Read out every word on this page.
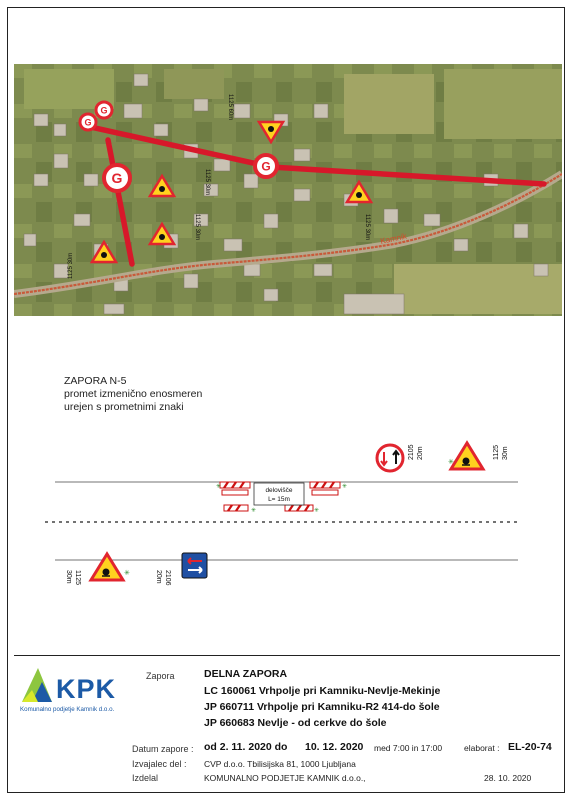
Kamnik
G
G
G
G
1125 60m
1125 30m
1125 30m
1125 30m
1125 30m
ZAPORA N-5
promet izmenično enosmeren
urejen s prometnimi znaki
delovišče
L= 15m
✳	✳
✳	✳
2105 20m
✳
1125 30m
✳
1125
30m	2106
20m
KPK
Komunalno podjetje Kamnik d.o.o.
Zapora	DELNA ZAPORA
LC 160061 Vrhpolje pri Kamniku-Nevlje-Mekinje
JP 660711 Vrhpolje pri Kamniku-R2 414-do šole
JP 660683 Nevlje - od cerkve do šole
Datum zapore : od 2. 11. 2020 do 10. 12. 2020 med 7:00 in 17:00	elaborat : EL-20-74
Izvajalec del : CVP d.o.o. Tbilisijska 81, 1000 Ljubljana
Izdelal	KOMUNALNO PODJETJE KAMNIK d.o.o.,	28. 10. 2020
